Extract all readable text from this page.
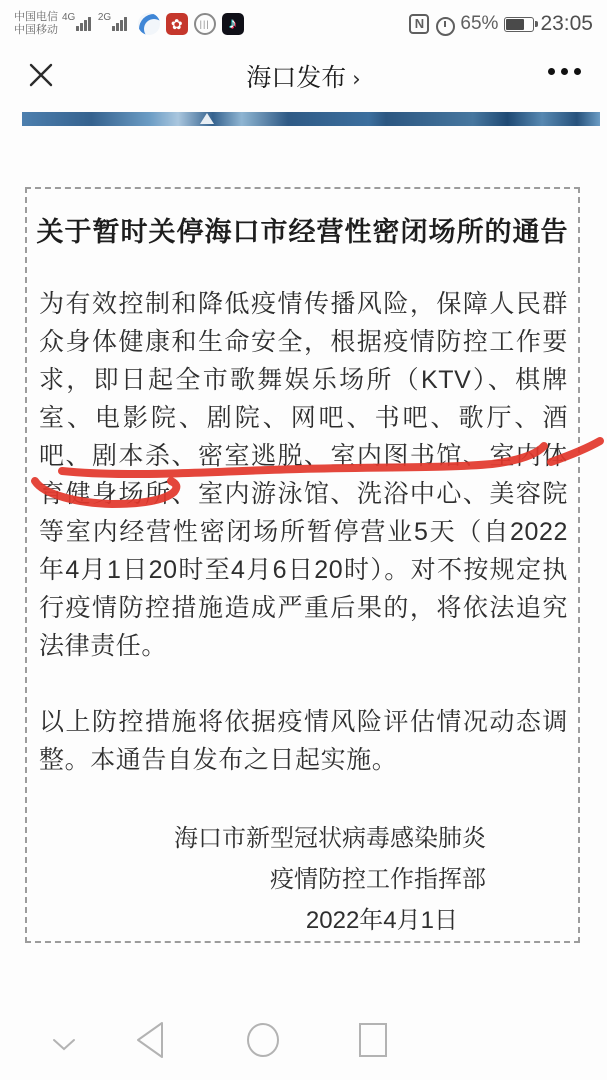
中国电信
中国移动
4G 2G ✿ ||| ♪	N 65% 23:05
海口发布 ›
关于暂时关停海口市经营性密闭场所的通告
为有效控制和降低疫情传播风险，保障人民群众身体健康和生命安全，根据疫情防控工作要求，即日起全市歌舞娱乐场所（KTV）、棋牌室、电影院、剧院、网吧、书吧、歌厅、酒吧、剧本杀、密室逃脱、室内图书馆、室内体育健身场所、室内游泳馆、洗浴中心、美容院等室内经营性密闭场所暂停营业5天（自2022年4月1日20时至4月6日20时）。对不按规定执行疫情防控措施造成严重后果的，将依法追究法律责任。
以上防控措施将依据疫情风险评估情况动态调整。本通告自发布之日起实施。
海口市新型冠状病毒感染肺炎
疫情防控工作指挥部
2022年4月1日
